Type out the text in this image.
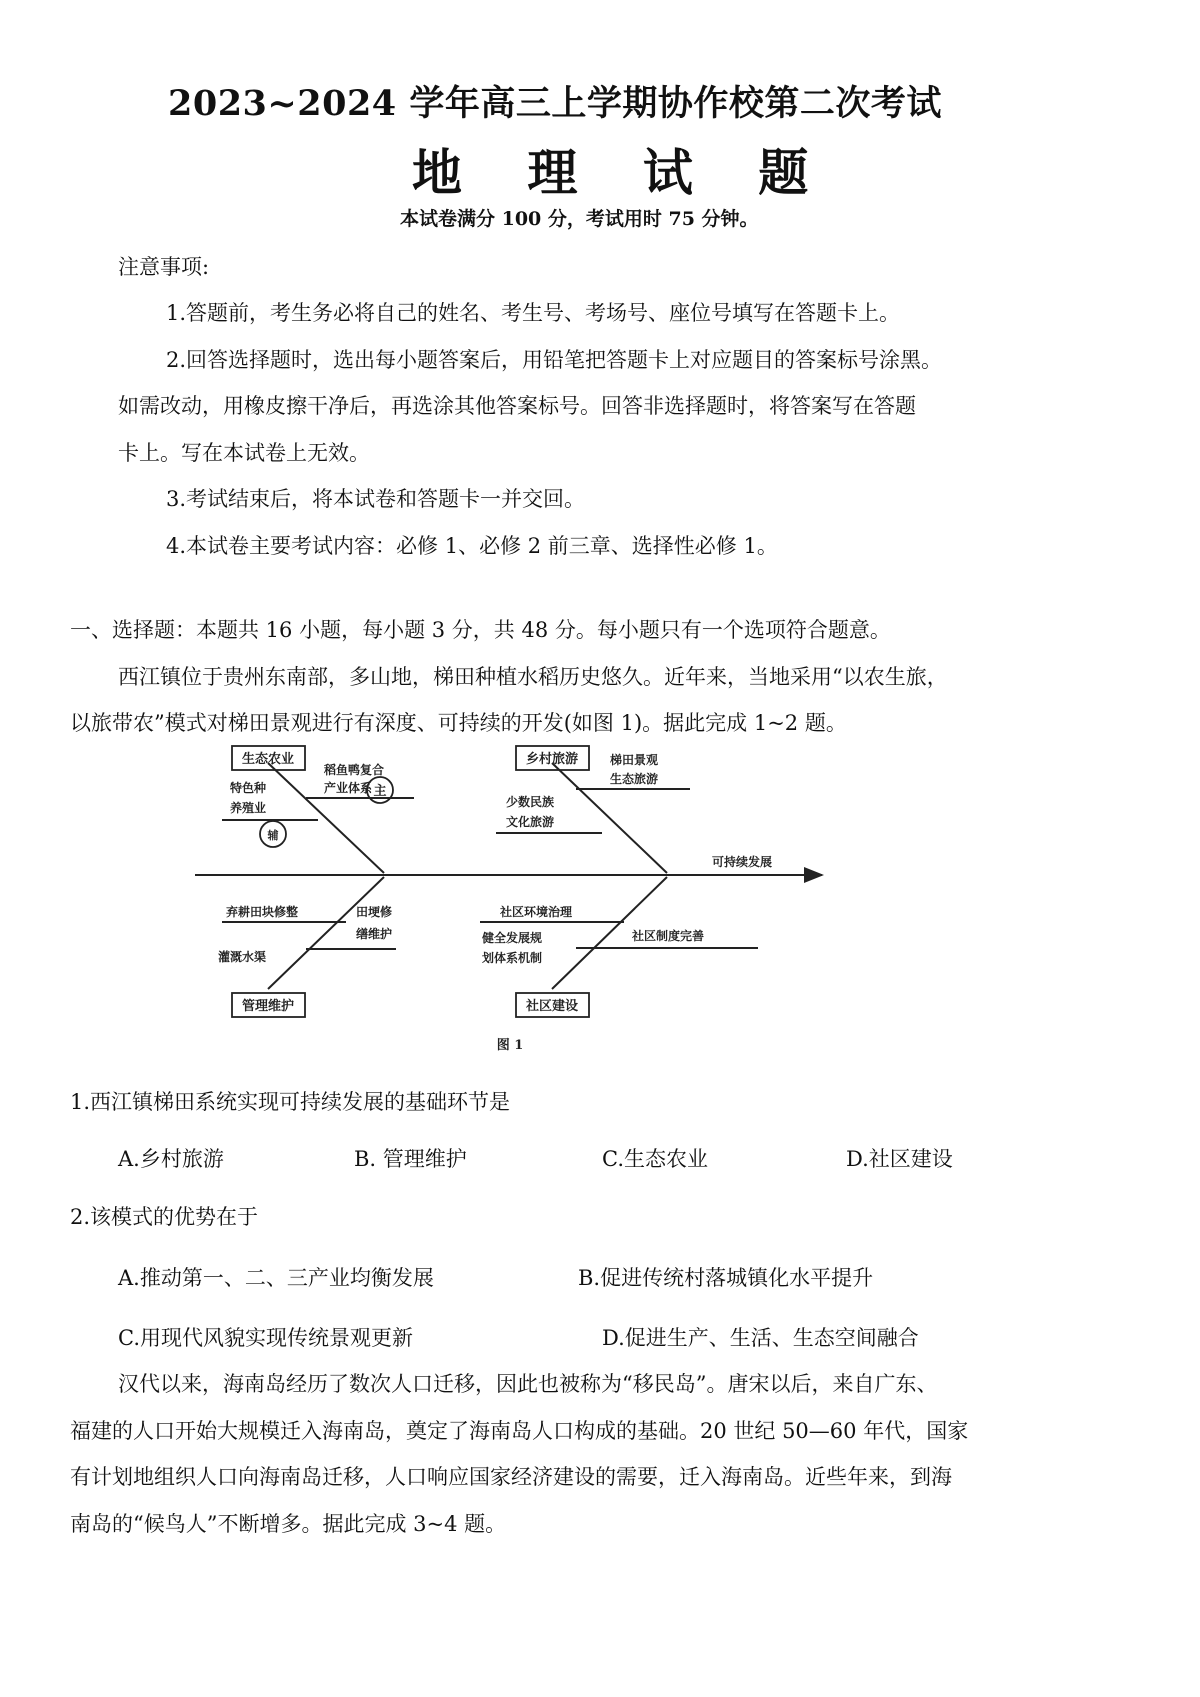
2023~2024 学年高三上学期协作校第二次考试
地 理 试 题
本试卷满分 100 分，考试用时 75 分钟。
注意事项:
1.答题前，考生务必将自己的姓名、考生号、考场号、座位号填写在答题卡上。
2.回答选择题时，选出每小题答案后，用铅笔把答题卡上对应题目的答案标号涂黑。
如需改动，用橡皮擦干净后，再选涂其他答案标号。回答非选择题时，将答案写在答题
卡上。写在本试卷上无效。
3.考试结束后，将本试卷和答题卡一并交回。
4.本试卷主要考试内容：必修 1、必修 2 前三章、选择性必修 1。
一、选择题：本题共 16 小题，每小题 3 分，共 48 分。每小题只有一个选项符合题意。
西江镇位于贵州东南部，多山地，梯田种植水稻历史悠久。近年来，当地采用“以农生旅，
以旅带农”模式对梯田景观进行有深度、可持续的开发(如图 1)。据此完成 1~2 题。
生态农业	乡村旅游
管理维护	社区建设
主
辅
稻鱼鸭复合
产业体系
特色种
养殖业
梯田景观
生态旅游
少数民族
文化旅游
弃耕田块修整	田埂修
缮维护
灌溉水渠
社区环境治理
健全发展规
划体系机制
社区制度完善
可持续发展
图 1
1.西江镇梯田系统实现可持续发展的基础环节是
A.乡村旅游	B. 管理维护	C.生态农业	D.社区建设
2.该模式的优势在于
A.推动第一、二、三产业均衡发展	B.促进传统村落城镇化水平提升
C.用现代风貌实现传统景观更新	D.促进生产、生活、生态空间融合
汉代以来，海南岛经历了数次人口迁移，因此也被称为“移民岛”。唐宋以后，来自广东、
福建的人口开始大规模迁入海南岛，奠定了海南岛人口构成的基础。20 世纪 50—60 年代，国家
有计划地组织人口向海南岛迁移，人口响应国家经济建设的需要，迁入海南岛。近些年来，到海
南岛的“候鸟人”不断增多。据此完成 3~4 题。
